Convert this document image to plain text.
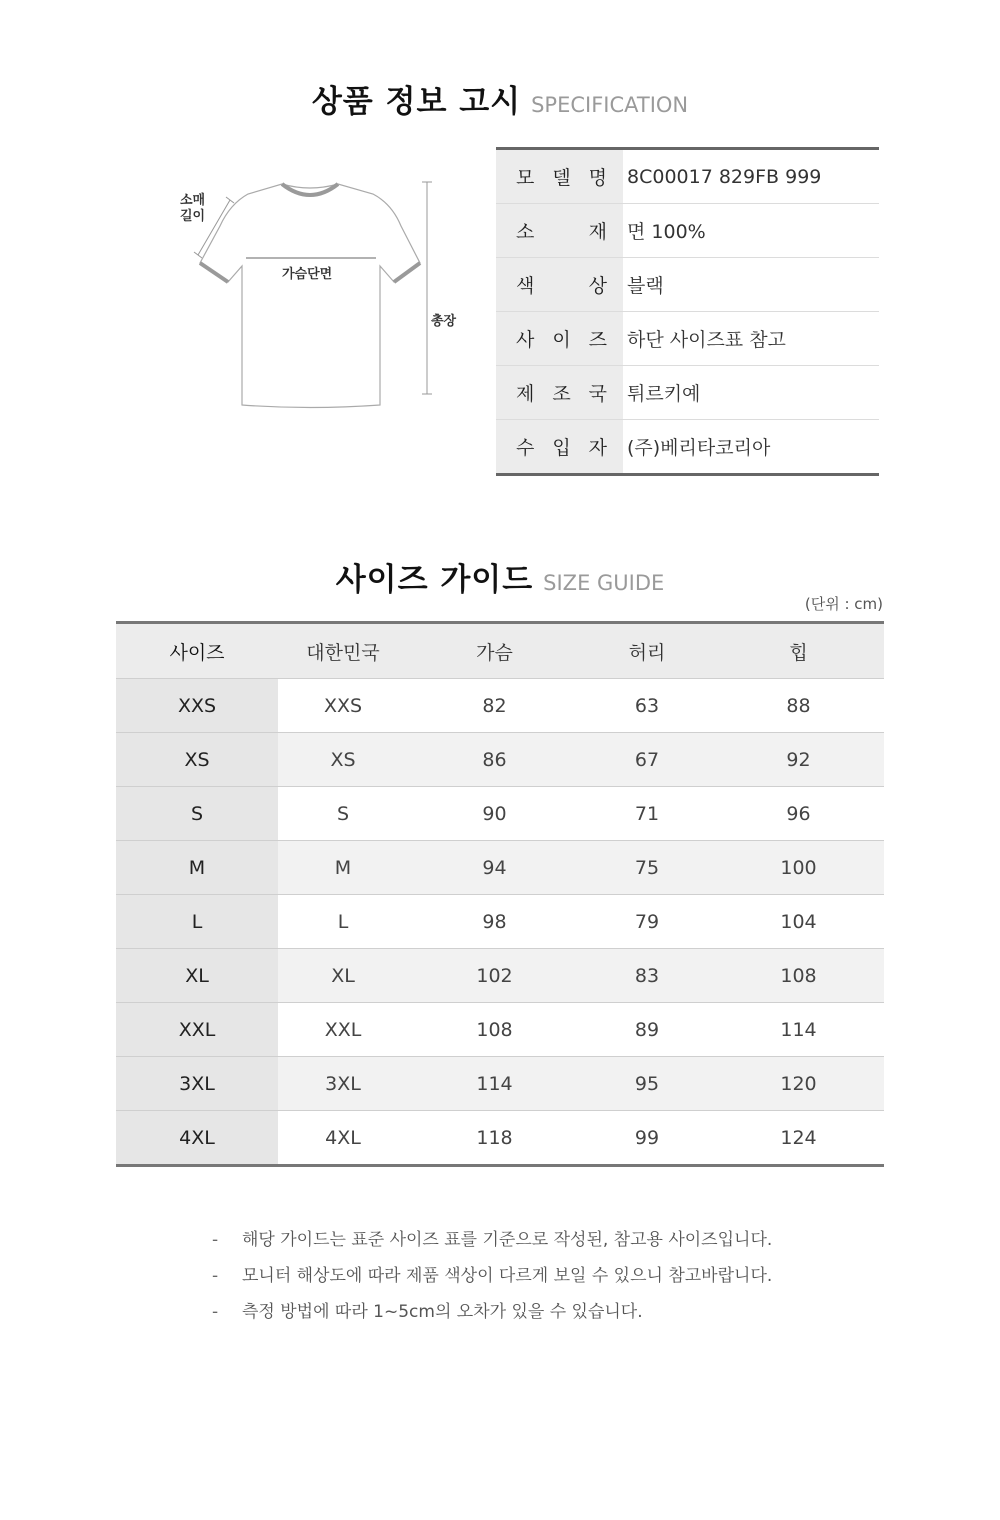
상품 정보 고시 SPECIFICATION
소매
길이
가슴단면
총장
모 델 명	8C00017 829FB 999

소 재	면 100%

색 상	블랙

사 이 즈	하단 사이즈표 참고

제 조 국	튀르키예

수 입 자	(주)베리타코리아
사이즈 가이드 SIZE GUIDE
(단위 : cm)
사이즈	대한민국	가슴	허리	힙
XXS	XXS	82	63	88
XS	XS	86	67	92
S	S	90	71	96
M	M	94	75	100
L	L	98	79	104
XL	XL	102	83	108
XXL	XXL	108	89	114
3XL	3XL	114	95	120
4XL	4XL	118	99	124
- 해당 가이드는 표준 사이즈 표를 기준으로 작성된, 참고용 사이즈입니다.
- 모니터 해상도에 따라 제품 색상이 다르게 보일 수 있으니 참고바랍니다.
- 측정 방법에 따라 1~5cm의 오차가 있을 수 있습니다.
